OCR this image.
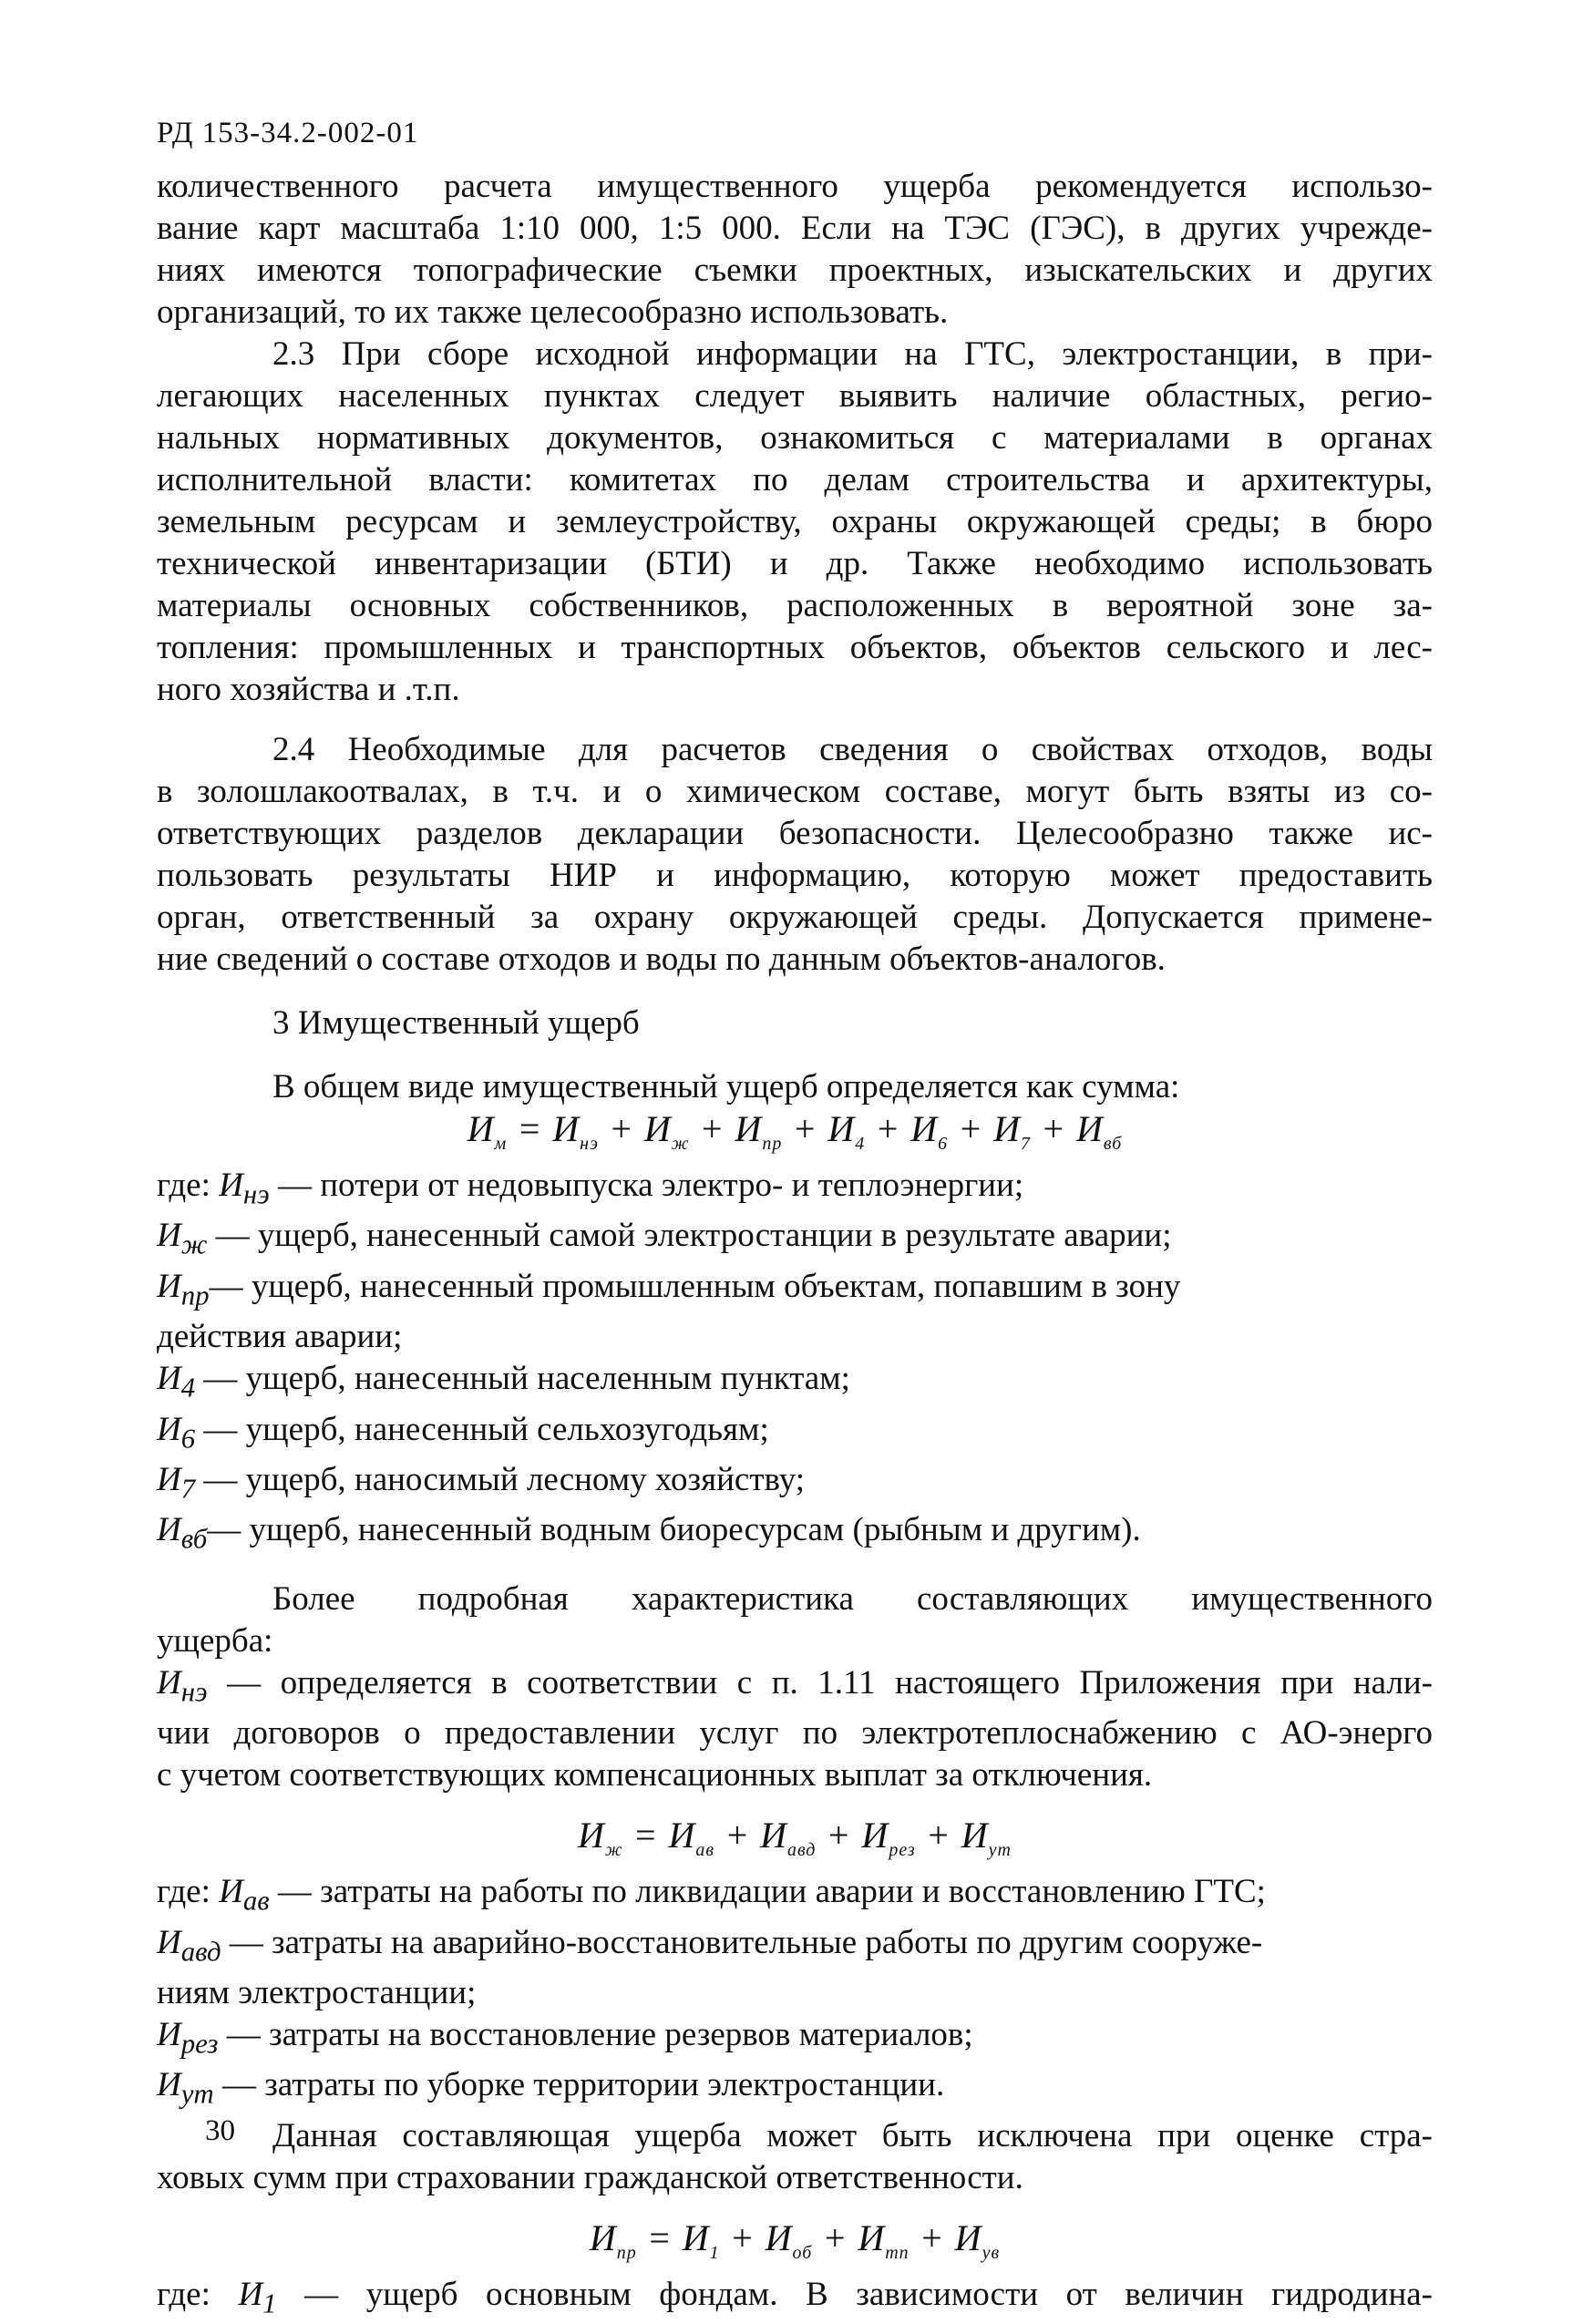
РД 153-34.2-002-01

количественного расчета имущественного ущерба рекомендуется использо-

вание карт масштаба 1:10 000, 1:5 000. Если на ТЭС (ГЭС), в других учрежде-

ниях имеются топографические съемки проектных, изыскательских и других

организаций, то их также целесообразно использовать.

2.3 При сборе исходной информации на ГТС, электростанции, в при-

легающих населенных пунктах следует выявить наличие областных, регио-

нальных нормативных документов, ознакомиться с материалами в органах

исполнительной власти: комитетах по делам строительства и архитектуры,

земельным ресурсам и землеустройству, охраны окружающей среды; в бюро

технической инвентаризации (БТИ) и др. Также необходимо использовать

материалы основных собственников, расположенных в вероятной зоне за-

топления: промышленных и транспортных объектов, объектов сельского и лес-

ного хозяйства и .т.п.

2.4 Необходимые для расчетов сведения о свойствах отходов, воды

в золошлакоотвалах, в т.ч. и о химическом составе, могут быть взяты из со-

ответствующих разделов декларации безопасности. Целесообразно также ис-

пользовать результаты НИР и информацию, которую может предоставить

орган, ответственный за охрану окружающей среды. Допускается примене-

ние сведений о составе отходов и воды по данным объектов-аналогов.

3 Имущественный ущерб

В общем виде имущественный ущерб определяется как сумма:

$И_м = И_{нэ} + И_ж + И_{пр} + И_4 + И_6 + И_7 + И_{вб}$

где: $И_{нэ}$ — потери от недовыпуска электро- и теплоэнергии;

$И_ж$ — ущерб, нанесенный самой электростанции в результате аварии;

$И_{пр}—$ ущерб, нанесенный промышленным объектам, попавшим в зону

действия аварии;

$И_4$ — ущерб, нанесенный населенным пунктам;

$И_6$ — ущерб, нанесенный сельхозугодьям;

$И_7$ — ущерб, наносимый лесному хозяйству;

$И_{вб}—$ ущерб, нанесенный водным биоресурсам (рыбным и другим).

Более подробная характеристика составляющих имущественного

ущерба:

$И_{нэ}$ — определяется в соответствии с п. 1.11 настоящего Приложения при нали-

чии договоров о предоставлении услуг по электротеплоснабжению с АО-энерго

с учетом соответствующих компенсационных выплат за отключения.

$И_ж = И_{ав} + И_{авд} + И_{рез} + И_{ут}$

где: $И_{ав}$ — затраты на работы по ликвидации аварии и восстановлению ГТС;

$И_{авд}$ — затраты на аварийно-восстановительные работы по другим сооруже-

ниям электростанции;

$И_{рез}$ — затраты на восстановление резервов материалов;

$И_{ут}$ — затраты по уборке территории электростанции.

Данная составляющая ущерба может быть исключена при оценке стра-

ховых сумм при страховании гражданской ответственности.

$И_{пр} = И_1 + И_{об} + И_{тп} + И_{ув}$

где: $И_1$ — ущерб основным фондам. В зависимости от величин гидродина-

30
